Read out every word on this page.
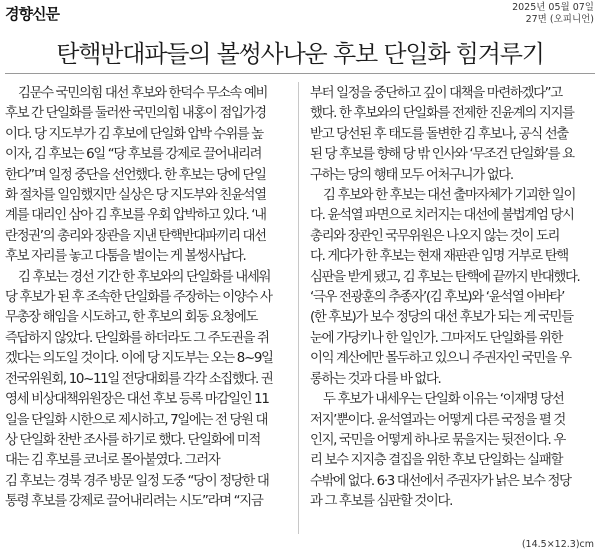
경향신문	2025년 05월 07일
27면 (오피니언)
탄핵반대파들의 볼썽사나운 후보 단일화 힘겨루기
김문수 국민의힘 대선 후보와 한덕수 무소속 예비
후보 간 단일화를 둘러싼 국민의힘 내홍이 점입가경
이다. 당 지도부가 김 후보에 단일화 압박 수위를 높
이자, 김 후보는 6일 “당 후보를 강제로 끌어내리려
한다”며 일정 중단을 선언했다. 한 후보는 당에 단일
화 절차를 일임했지만 실상은 당 지도부와 친윤석열
계를 대리인 삼아 김 후보를 우회 압박하고 있다. ‘내
란정권’의 총리와 장관을 지낸 탄핵반대파끼리 대선
후보 자리를 놓고 다툼을 벌이는 게 볼썽사납다.
김 후보는 경선 기간 한 후보와의 단일화를 내세워
당 후보가 된 후 조속한 단일화를 주장하는 이양수 사
무총장 해임을 시도하고, 한 후보의 회동 요청에도
즉답하지 않았다. 단일화를 하더라도 그 주도권을 쥐
겠다는 의도일 것이다. 이에 당 지도부는 오는 8~9일
전국위원회, 10~11일 전당대회를 각각 소집했다. 권
영세 비상대책위원장은 대선 후보 등록 마감일인 11
일을 단일화 시한으로 제시하고, 7일에는 전 당원 대
상 단일화 찬반 조사를 하기로 했다. 단일화에 미적
대는 김 후보를 코너로 몰아붙였다. 그러자
김 후보는 경북 경주 방문 일정 도중 “당이 정당한 대
통령 후보를 강제로 끌어내리려는 시도”라며 “지금
부터 일정을 중단하고 깊이 대책을 마련하겠다”고
했다. 한 후보와의 단일화를 전제한 진윤계의 지지를
받고 당선된 후 태도를 돌변한 김 후보나, 공식 선출
된 당 후보를 향해 당 밖 인사와 ‘무조건 단일화’를 요
구하는 당의 행태 모두 어처구니가 없다.
김 후보와 한 후보는 대선 출마자체가 기괴한 일이
다. 윤석열 파면으로 치러지는 대선에 불법계엄 당시
총리와 장관인 국무위원은 나오지 않는 것이 도리
다. 게다가 한 후보는 현재 재판관 임명 거부로 탄핵
심판을 받게 됐고, 김 후보는 탄핵에 끝까지 반대했다.
‘극우 전광훈의 추종자’(김 후보)와 ‘윤석열 아바타’
(한 후보)가 보수 정당의 대선 후보가 되는 게 국민들
눈에 가당키나 한 일인가. 그마저도 단일화를 위한
이익 계산에만 몰두하고 있으니 주권자인 국민을 우
롱하는 것과 다를 바 없다.
두 후보가 내세우는 단일화 이유는 ‘이재명 당선
저지’뿐이다. 윤석열과는 어떻게 다른 국정을 펼 것
인지, 국민을 어떻게 하나로 묶을지는 뒷전이다. 우
리 보수 지지층 결집을 위한 후보 단일화는 실패할
수밖에 없다. 6·3 대선에서 주권자가 낡은 보수 정당
과 그 후보를 심판할 것이다.
(14.5×12.3)cm
